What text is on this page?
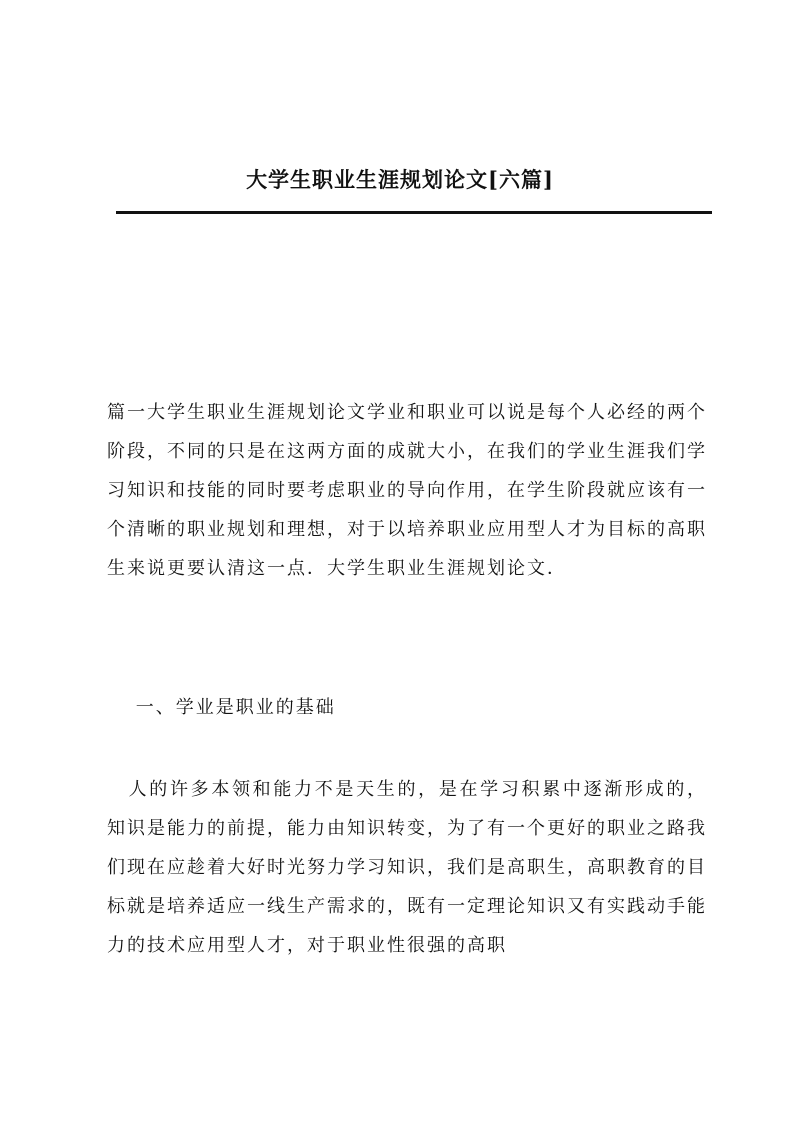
大学生职业生涯规划论文[六篇]
篇一大学生职业生涯规划论文学业和职业可以说是每个人必经的两个阶段，不同的只是在这两方面的成就大小，在我们的学业生涯我们学习知识和技能的同时要考虑职业的导向作用，在学生阶段就应该有一个清晰的职业规划和理想，对于以培养职业应用型人才为目标的高职生来说更要认清这一点．大学生职业生涯规划论文．
一、学业是职业的基础
人的许多本领和能力不是天生的，是在学习积累中逐渐形成的，知识是能力的前提，能力由知识转变，为了有一个更好的职业之路我们现在应趁着大好时光努力学习知识，我们是高职生，高职教育的目标就是培养适应一线生产需求的，既有一定理论知识又有实践动手能力的技术应用型人才，对于职业性很强的高职
